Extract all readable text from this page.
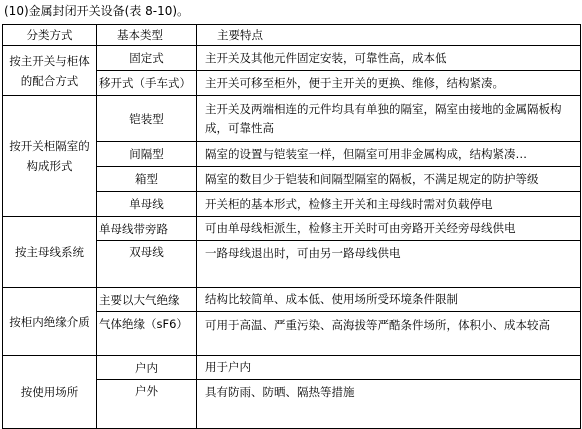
(10)金属封闭开关设备(表 8-10)。
分类方式	基本类型	主要特点
按主开关与柜体的配合方式	固定式	主开关及其他元件固定安装，可靠性高，成本低
	移开式（手车式）	主开关可移至柜外，便于主开关的更换、维修，结构紧凑。
按开关柜隔室的构成形式	铠装型	主开关及两端相连的元件均具有单独的隔室，隔室由接地的金属隔板构成，可靠性高
	间隔型	隔室的设置与铠装室一样，但隔室可用非金属构成，结构紧凑…
	箱型	隔室的数目少于铠装和间隔型隔室的隔板，不满足规定的防护等级
	单母线	开关柜的基本形式，检修主开关和主母线时需对负载停电
按主母线系统	单母线带旁路	可由单母线柜派生，检修主开关时可由旁路开关经旁母线供电
	双母线	一路母线退出时，可由另一路母线供电
按柜内绝缘介质	主要以大气绝缘	结构比较简单、成本低、使用场所受环境条件限制
	气体绝缘（sF6）	可用于高温、严重污染、高海拔等严酷条件场所，体积小、成本较高
按使用场所	户内	用于户内
	户外	具有防雨、防晒、隔热等措施
